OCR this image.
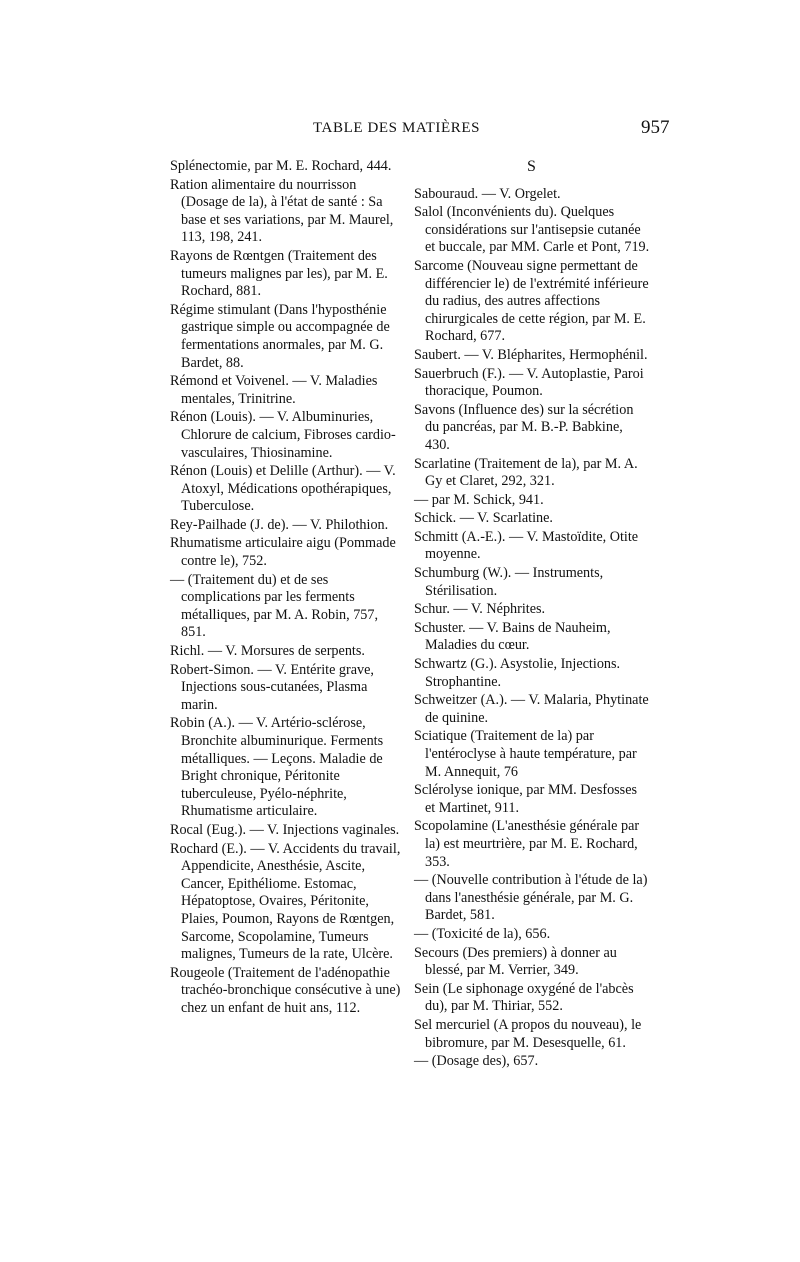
TABLE DES MATIÈRES	957

Splénectomie, par M. E. Rochard, 444.

Ration alimentaire du nourrisson (Dosage de la), à l'état de santé : Sa base et ses variations, par M. Maurel, 113, 198, 241.

Rayons de Rœntgen (Traitement des tumeurs malignes par les), par M. E. Rochard, 881.

Régime stimulant (Dans l'hyposthénie gastrique simple ou accompagnée de fermentations anormales, par M. G. Bardet, 88.

Rémond et Voivenel. — V. Maladies mentales, Trinitrine.

Rénon (Louis). — V. Albuminuries, Chlorure de calcium, Fibroses cardio-vasculaires, Thiosinamine.

Rénon (Louis) et Delille (Arthur). — V. Atoxyl, Médications opothérapiques, Tuberculose.

Rey-Pailhade (J. de). — V. Philothion.

Rhumatisme articulaire aigu (Pommade contre le), 752.

— (Traitement du) et de ses complications par les ferments métalliques, par M. A. Robin, 757, 851.

Richl. — V. Morsures de serpents.

Robert-Simon. — V. Entérite grave, Injections sous-cutanées, Plasma marin.

Robin (A.). — V. Artério-sclérose, Bronchite albuminurique. Ferments métalliques. — Leçons. Maladie de Bright chronique, Péritonite tuberculeuse, Pyélo-néphrite, Rhumatisme articulaire.

Rocal (Eug.). — V. Injections vaginales.

Rochard (E.). — V. Accidents du travail, Appendicite, Anesthésie, Ascite, Cancer, Epithéliome. Estomac, Hépatoptose, Ovaires, Péritonite, Plaies, Poumon, Rayons de Rœntgen, Sarcome, Scopolamine, Tumeurs malignes, Tumeurs de la rate, Ulcère.

Rougeole (Traitement de l'adénopathie trachéo-bronchique consécutive à une) chez un enfant de huit ans, 112.

S

Sabouraud. — V. Orgelet.

Salol (Inconvénients du). Quelques considérations sur l'antisepsie cutanée et buccale, par MM. Carle et Pont, 719.

Sarcome (Nouveau signe permettant de différencier le) de l'extrémité inférieure du radius, des autres affections chirurgicales de cette région, par M. E. Rochard, 677.

Saubert. — V. Blépharites, Hermophénil.

Sauerbruch (F.). — V. Autoplastie, Paroi thoracique, Poumon.

Savons (Influence des) sur la sécrétion du pancréas, par M. B.-P. Babkine, 430.

Scarlatine (Traitement de la), par M. A. Gy et Claret, 292, 321.

— par M. Schick, 941.

Schick. — V. Scarlatine.

Schmitt (A.-E.). — V. Mastoïdite, Otite moyenne.

Schumburg (W.). — Instruments, Stérilisation.

Schur. — V. Néphrites.

Schuster. — V. Bains de Nauheim, Maladies du cœur.

Schwartz (G.). Asystolie, Injections. Strophantine.

Schweitzer (A.). — V. Malaria, Phytinate de quinine.

Sciatique (Traitement de la) par l'entéroclyse à haute température, par M. Annequit, 76

Sclérolyse ionique, par MM. Desfosses et Martinet, 911.

Scopolamine (L'anesthésie générale par la) est meurtrière, par M. E. Rochard, 353.

— (Nouvelle contribution à l'étude de la) dans l'anesthésie générale, par M. G. Bardet, 581.

— (Toxicité de la), 656.

Secours (Des premiers) à donner au blessé, par M. Verrier, 349.

Sein (Le siphonage oxygéné de l'abcès du), par M. Thiriar, 552.

Sel mercuriel (A propos du nouveau), le bibromure, par M. Desesquelle, 61.

— (Dosage des), 657.
